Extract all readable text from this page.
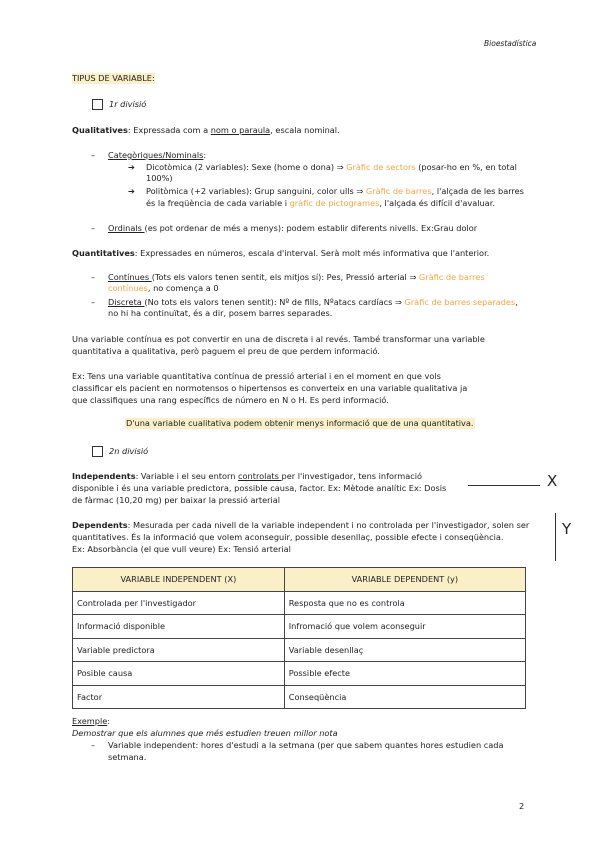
Bioestadística
TIPUS DE VARIABLE:
1r divisió
Qualitatives: Expressada com a nom o paraula, escala nominal.
– Categòriques/Nominals:
➔ Dicotòmica (2 variables): Sexe (home o dona) ⇒ Gràfic de sectors (posar-ho en %, en total
100%)
➔ Politòmica (+2 variables): Grup sanguini, color ulls ⇒ Gràfic de barres, l'alçada de les barres
és la freqüència de cada variable i gràfic de pictogrames, l'alçada és difícil d'avaluar.
– Ordinals (es pot ordenar de més a menys): podem establir diferents nivells. Ex:Grau dolor
Quantitatives: Expressades en números, escala d'interval. Serà molt més informativa que l'anterior.
– Contínues (Tots els valors tenen sentit, els mitjos sí): Pes, Pressió arterial ⇒ Gràfic de barres
contínues, no comença a 0
– Discreta (No tots els valors tenen sentit): Nº de fills, Nºatacs cardíacs ⇒ Gràfic de barres separades,
no hi ha continuïtat, és a dir, posem barres separades.
Una variable contínua es pot convertir en una de discreta i al revés. També transformar una variable
quantitativa a qualitativa, però paguem el preu de que perdem informació.
Ex: Tens una variable quantitativa contínua de pressió arterial i en el moment en que vols
classificar els pacient en normotensos o hipertensos es converteix en una variable qualitativa ja
que classifiques una rang específics de número en N o H. Es perd informació.
D'una variable cualitativa podem obtenir menys informació que de una quantitativa.
2n divisió
Independents: Variable i el seu entorn controlats per l'investigador, tens informació
disponible i és una variable predictora, possible causa, factor. Ex: Mètode analític Ex: Dosis
de fàrmac (10,20 mg) per baixar la pressió arterial
X
Dependents: Mesurada per cada nivell de la variable independent i no controlada per l'investigador, solen ser
quantitatives. És la informació que volem aconseguir, possible desenllaç, possible efecte i conseqüència.
Ex: Absorbància (el que vull veure) Ex: Tensió arterial
Y
VARIABLE INDEPENDENT (X)	VARIABLE DEPENDENT (y)
Controlada per l'investigador	Resposta que no es controla
Informació disponible	Infromació que volem aconseguir
Variable predictora	Variable desenllaç
Posible causa	Possible efecte
Factor	Conseqüència
Exemple:
Demostrar que els alumnes que més estudien treuen millor nota
– Variable independent: hores d'estudi a la setmana (per que sabem quantes hores estudien cada
setmana.
2
